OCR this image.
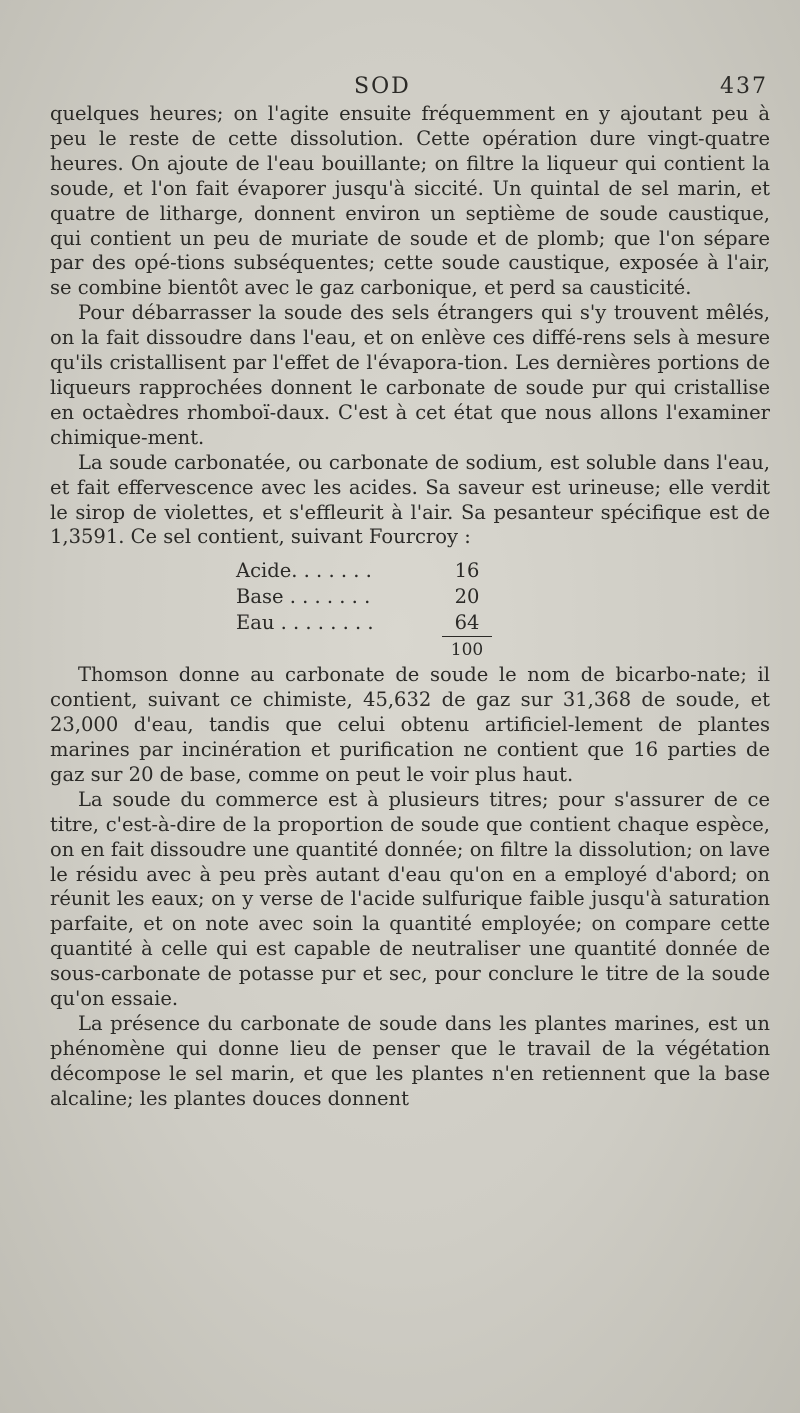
SOD	437

quelques heures; on l'agite ensuite fréquemment en y ajoutant peu à peu le reste de cette dissolution. Cette opération dure vingt-quatre heures. On ajoute de l'eau bouillante; on filtre la liqueur qui contient la soude, et l'on fait évaporer jusqu'à siccité. Un quintal de sel marin, et quatre de litharge, donnent environ un septième de soude caustique, qui contient un peu de muriate de soude et de plomb; que l'on sépare par des opé-tions subséquentes; cette soude caustique, exposée à l'air, se combine bientôt avec le gaz carbonique, et perd sa causticité.

Pour débarrasser la soude des sels étrangers qui s'y trouvent mêlés, on la fait dissoudre dans l'eau, et on enlève ces diffé-rens sels à mesure qu'ils cristallisent par l'effet de l'évapora-tion. Les dernières portions de liqueurs rapprochées donnent le carbonate de soude pur qui cristallise en octaèdres rhomboï-daux. C'est à cet état que nous allons l'examiner chimique-ment.

La soude carbonatée, ou carbonate de sodium, est soluble dans l'eau, et fait effervescence avec les acides. Sa saveur est urineuse; elle verdit le sirop de violettes, et s'effleurit à l'air. Sa pesanteur spécifique est de 1,3591. Ce sel contient, suivant Fourcroy :

Acide. . . . . . .	16
Base . . . . . . .	20
Eau . . . . . . . .	64
100

Thomson donne au carbonate de soude le nom de bicarbo-nate; il contient, suivant ce chimiste, 45,632 de gaz sur 31,368 de soude, et 23,000 d'eau, tandis que celui obtenu artificiel-lement de plantes marines par incinération et purification ne contient que 16 parties de gaz sur 20 de base, comme on peut le voir plus haut.

La soude du commerce est à plusieurs titres; pour s'assurer de ce titre, c'est-à-dire de la proportion de soude que contient chaque espèce, on en fait dissoudre une quantité donnée; on filtre la dissolution; on lave le résidu avec à peu près autant d'eau qu'on en a employé d'abord; on réunit les eaux; on y verse de l'acide sulfurique faible jusqu'à saturation parfaite, et on note avec soin la quantité employée; on compare cette quantité à celle qui est capable de neutraliser une quantité donnée de sous-carbonate de potasse pur et sec, pour conclure le titre de la soude qu'on essaie.

La présence du carbonate de soude dans les plantes marines, est un phénomène qui donne lieu de penser que le travail de la végétation décompose le sel marin, et que les plantes n'en retiennent que la base alcaline; les plantes douces donnent
